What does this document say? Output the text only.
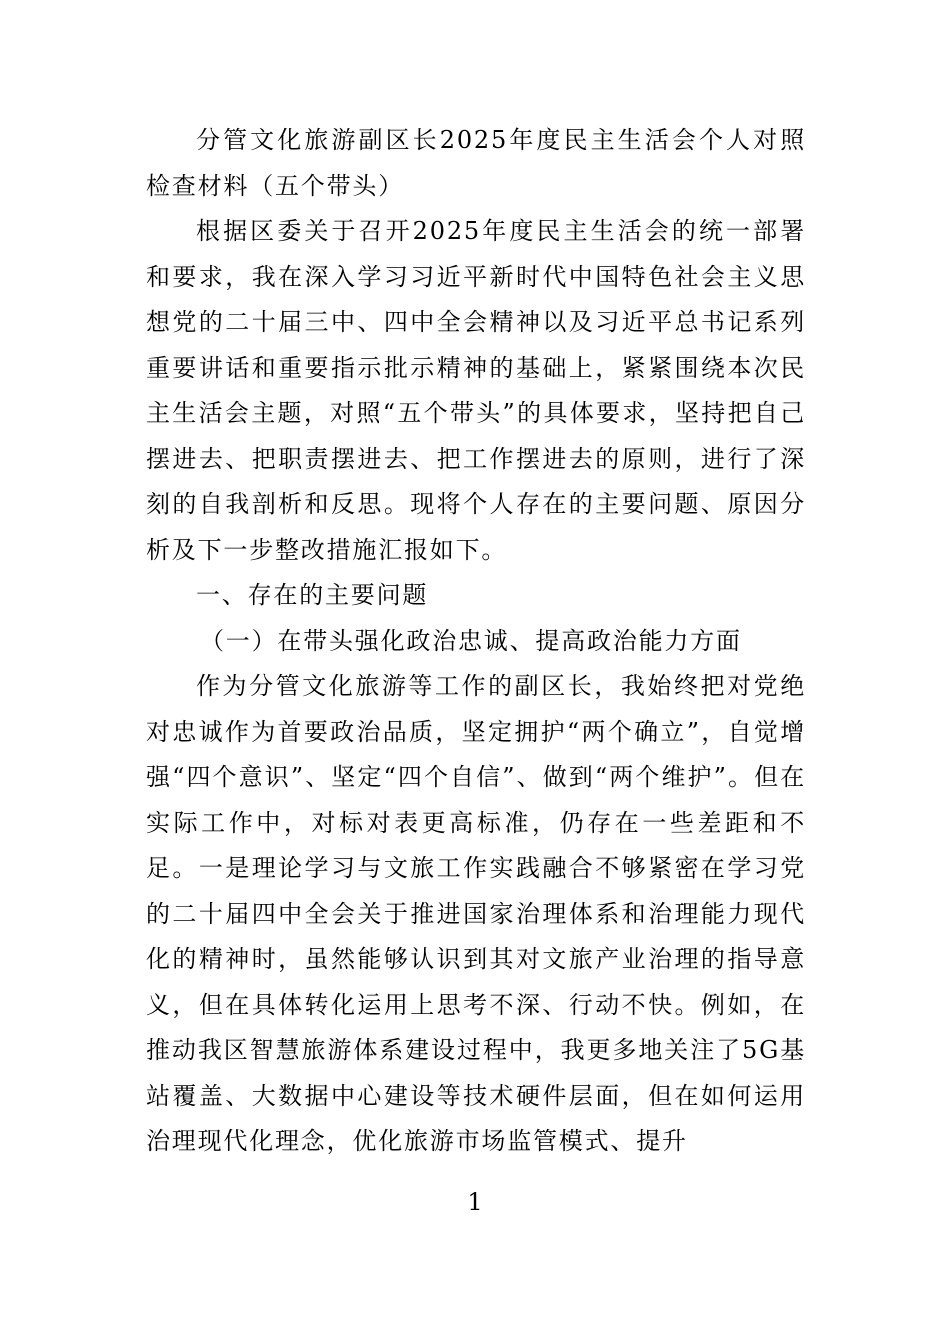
分管文化旅游副区长2025年度民主生活会个人对照检查材料（五个带头）

根据区委关于召开2025年度民主生活会的统一部署和要求，我在深入学习习近平新时代中国特色社会主义思想党的二十届三中、四中全会精神以及习近平总书记系列重要讲话和重要指示批示精神的基础上，紧紧围绕本次民主生活会主题，对照“五个带头”的具体要求，坚持把自己摆进去、把职责摆进去、把工作摆进去的原则，进行了深刻的自我剖析和反思。现将个人存在的主要问题、原因分析及下一步整改措施汇报如下。

一、存在的主要问题

（一）在带头强化政治忠诚、提高政治能力方面

作为分管文化旅游等工作的副区长，我始终把对党绝对忠诚作为首要政治品质，坚定拥护“两个确立”，自觉增强“四个意识”、坚定“四个自信”、做到“两个维护”。但在实际工作中，对标对表更高标准，仍存在一些差距和不足。一是理论学习与文旅工作实践融合不够紧密在学习党的二十届四中全会关于推进国家治理体系和治理能力现代化的精神时，虽然能够认识到其对文旅产业治理的指导意义，但在具体转化运用上思考不深、行动不快。例如，在推动我区智慧旅游体系建设过程中，我更多地关注了5G基站覆盖、大数据中心建设等技术硬件层面，但在如何运用治理现代化理念，优化旅游市场监管模式、提升

1
